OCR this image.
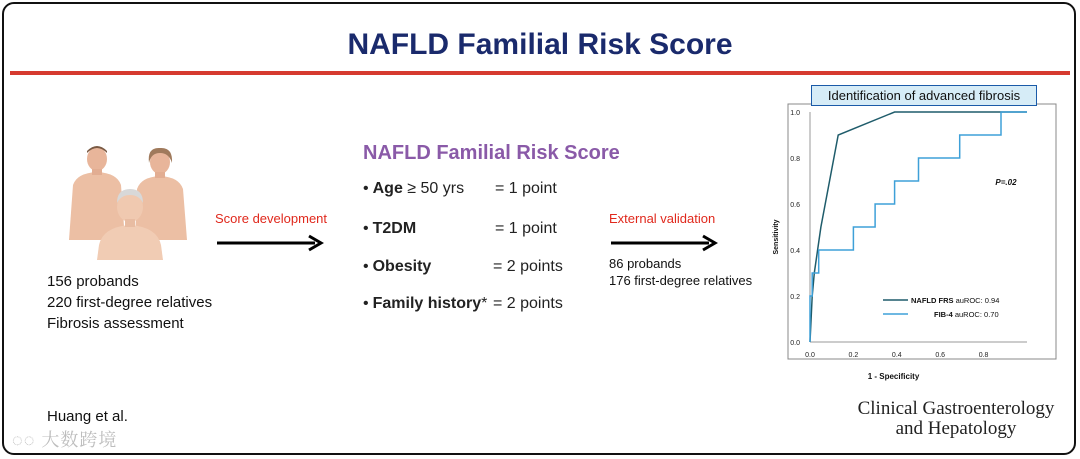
NAFLD Familial Risk Score
156 probands
220 first-degree relatives
Fibrosis assessment
Score development
NAFLD Familial Risk Score
• Age ≥ 50 yrs = 1 point
• T2DM	= 1 point
• Obesity	= 2 points
• Family history* = 2 points
External validation
86 probands
176 first-degree relatives
0.0
0.2
0.4
0.6
0.8
1.0
0.0	0.2	0.4	0.6	0.8
1 - Specificity
Sensitivity
P=.02
NAFLD FRS auROC: 0.94
FIB-4 auROC: 0.70
Identification of advanced fibrosis
Huang et al.	Clinical Gastroenterology
and Hepatology
◌◌ 大数跨境
